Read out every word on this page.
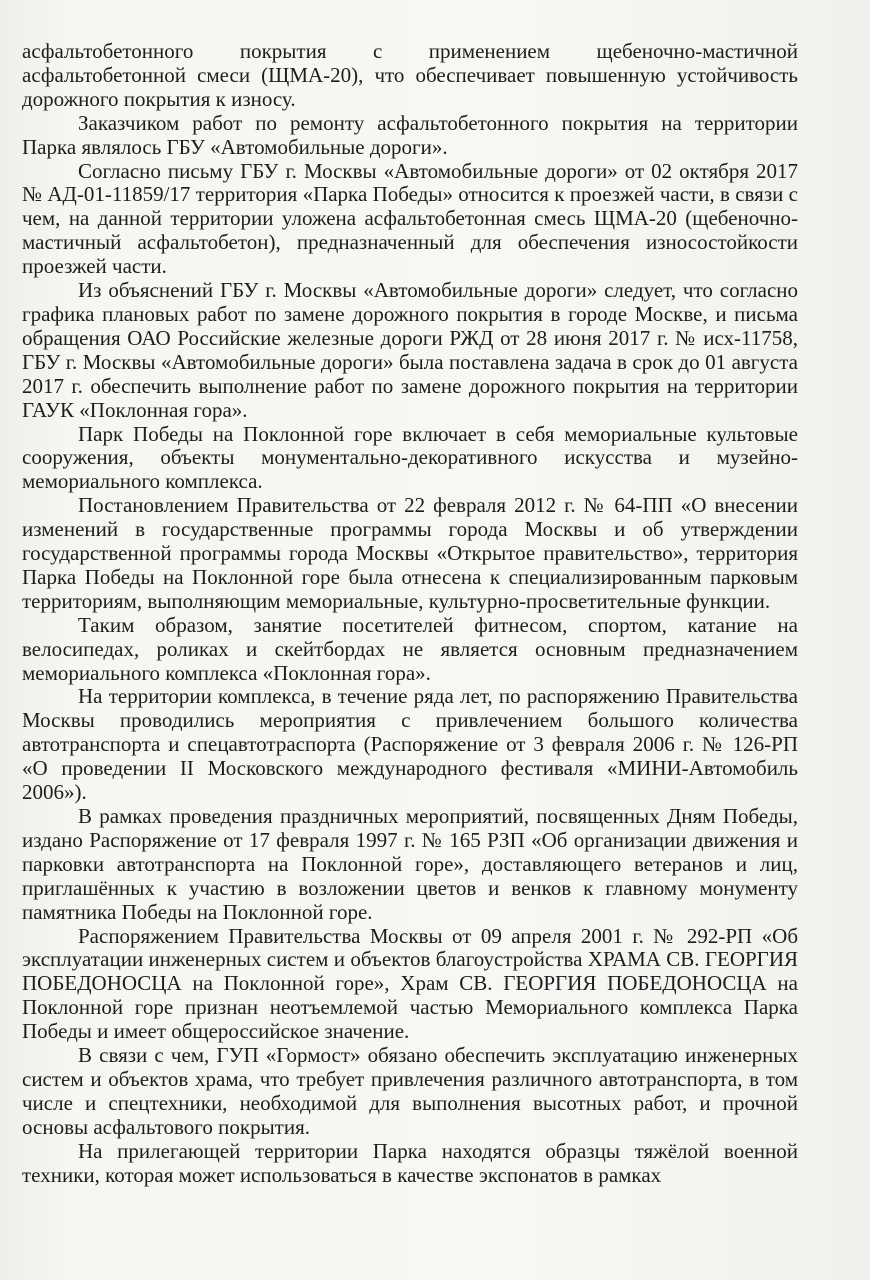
асфальтобетонного покрытия с применением щебеночно-мастичной асфальтобетонной смеси (ЩМА-20), что обеспечивает повышенную устойчивость дорожного покрытия к износу.

Заказчиком работ по ремонту асфальтобетонного покрытия на территории Парка являлось ГБУ «Автомобильные дороги».

Согласно письму ГБУ г. Москвы «Автомобильные дороги» от 02 октября 2017 № АД-01-11859/17 территория «Парка Победы» относится к проезжей части, в связи с чем, на данной территории уложена асфальтобетонная смесь ЩМА-20 (щебеночно-мастичный асфальтобетон), предназначенный для обеспечения износостойкости проезжей части.

Из объяснений ГБУ г. Москвы «Автомобильные дороги» следует, что согласно графика плановых работ по замене дорожного покрытия в городе Москве, и письма обращения ОАО Российские железные дороги РЖД от 28 июня 2017 г. № исх-11758, ГБУ г. Москвы «Автомобильные дороги» была поставлена задача в срок до 01 августа 2017 г. обеспечить выполнение работ по замене дорожного покрытия на территории ГАУК «Поклонная гора».

Парк Победы на Поклонной горе включает в себя мемориальные культовые сооружения, объекты монументально-декоративного искусства и музейно-мемориального комплекса.

Постановлением Правительства от 22 февраля 2012 г. № 64-ПП «О внесении изменений в государственные программы города Москвы и об утверждении государственной программы города Москвы «Открытое правительство», территория Парка Победы на Поклонной горе была отнесена к специализированным парковым территориям, выполняющим мемориальные, культурно-просветительные функции.

Таким образом, занятие посетителей фитнесом, спортом, катание на велосипедах, роликах и скейтбордах не является основным предназначением мемориального комплекса «Поклонная гора».

На территории комплекса, в течение ряда лет, по распоряжению Правительства Москвы проводились мероприятия с привлечением большого количества автотранспорта и спецавтотраспорта (Распоряжение от 3 февраля 2006 г. № 126-РП «О проведении II Московского международного фестиваля «МИНИ-Автомобиль 2006»).

В рамках проведения праздничных мероприятий, посвященных Дням Победы, издано Распоряжение от 17 февраля 1997 г. № 165 РЗП «Об организации движения и парковки автотранспорта на Поклонной горе», доставляющего ветеранов и лиц, приглашённых к участию в возложении цветов и венков к главному монументу памятника Победы на Поклонной горе.

Распоряжением Правительства Москвы от 09 апреля 2001 г. № 292-РП «Об эксплуатации инженерных систем и объектов благоустройства ХРАМА СВ. ГЕОРГИЯ ПОБЕДОНОСЦА на Поклонной горе», Храм СВ. ГЕОРГИЯ ПОБЕДОНОСЦА на Поклонной горе признан неотъемлемой частью Мемориального комплекса Парка Победы и имеет общероссийское значение.

В связи с чем, ГУП «Гормост» обязано обеспечить эксплуатацию инженерных систем и объектов храма, что требует привлечения различного автотранспорта, в том числе и спецтехники, необходимой для выполнения высотных работ, и прочной основы асфальтового покрытия.

На прилегающей территории Парка находятся образцы тяжёлой военной техники, которая может использоваться в качестве экспонатов в рамках
